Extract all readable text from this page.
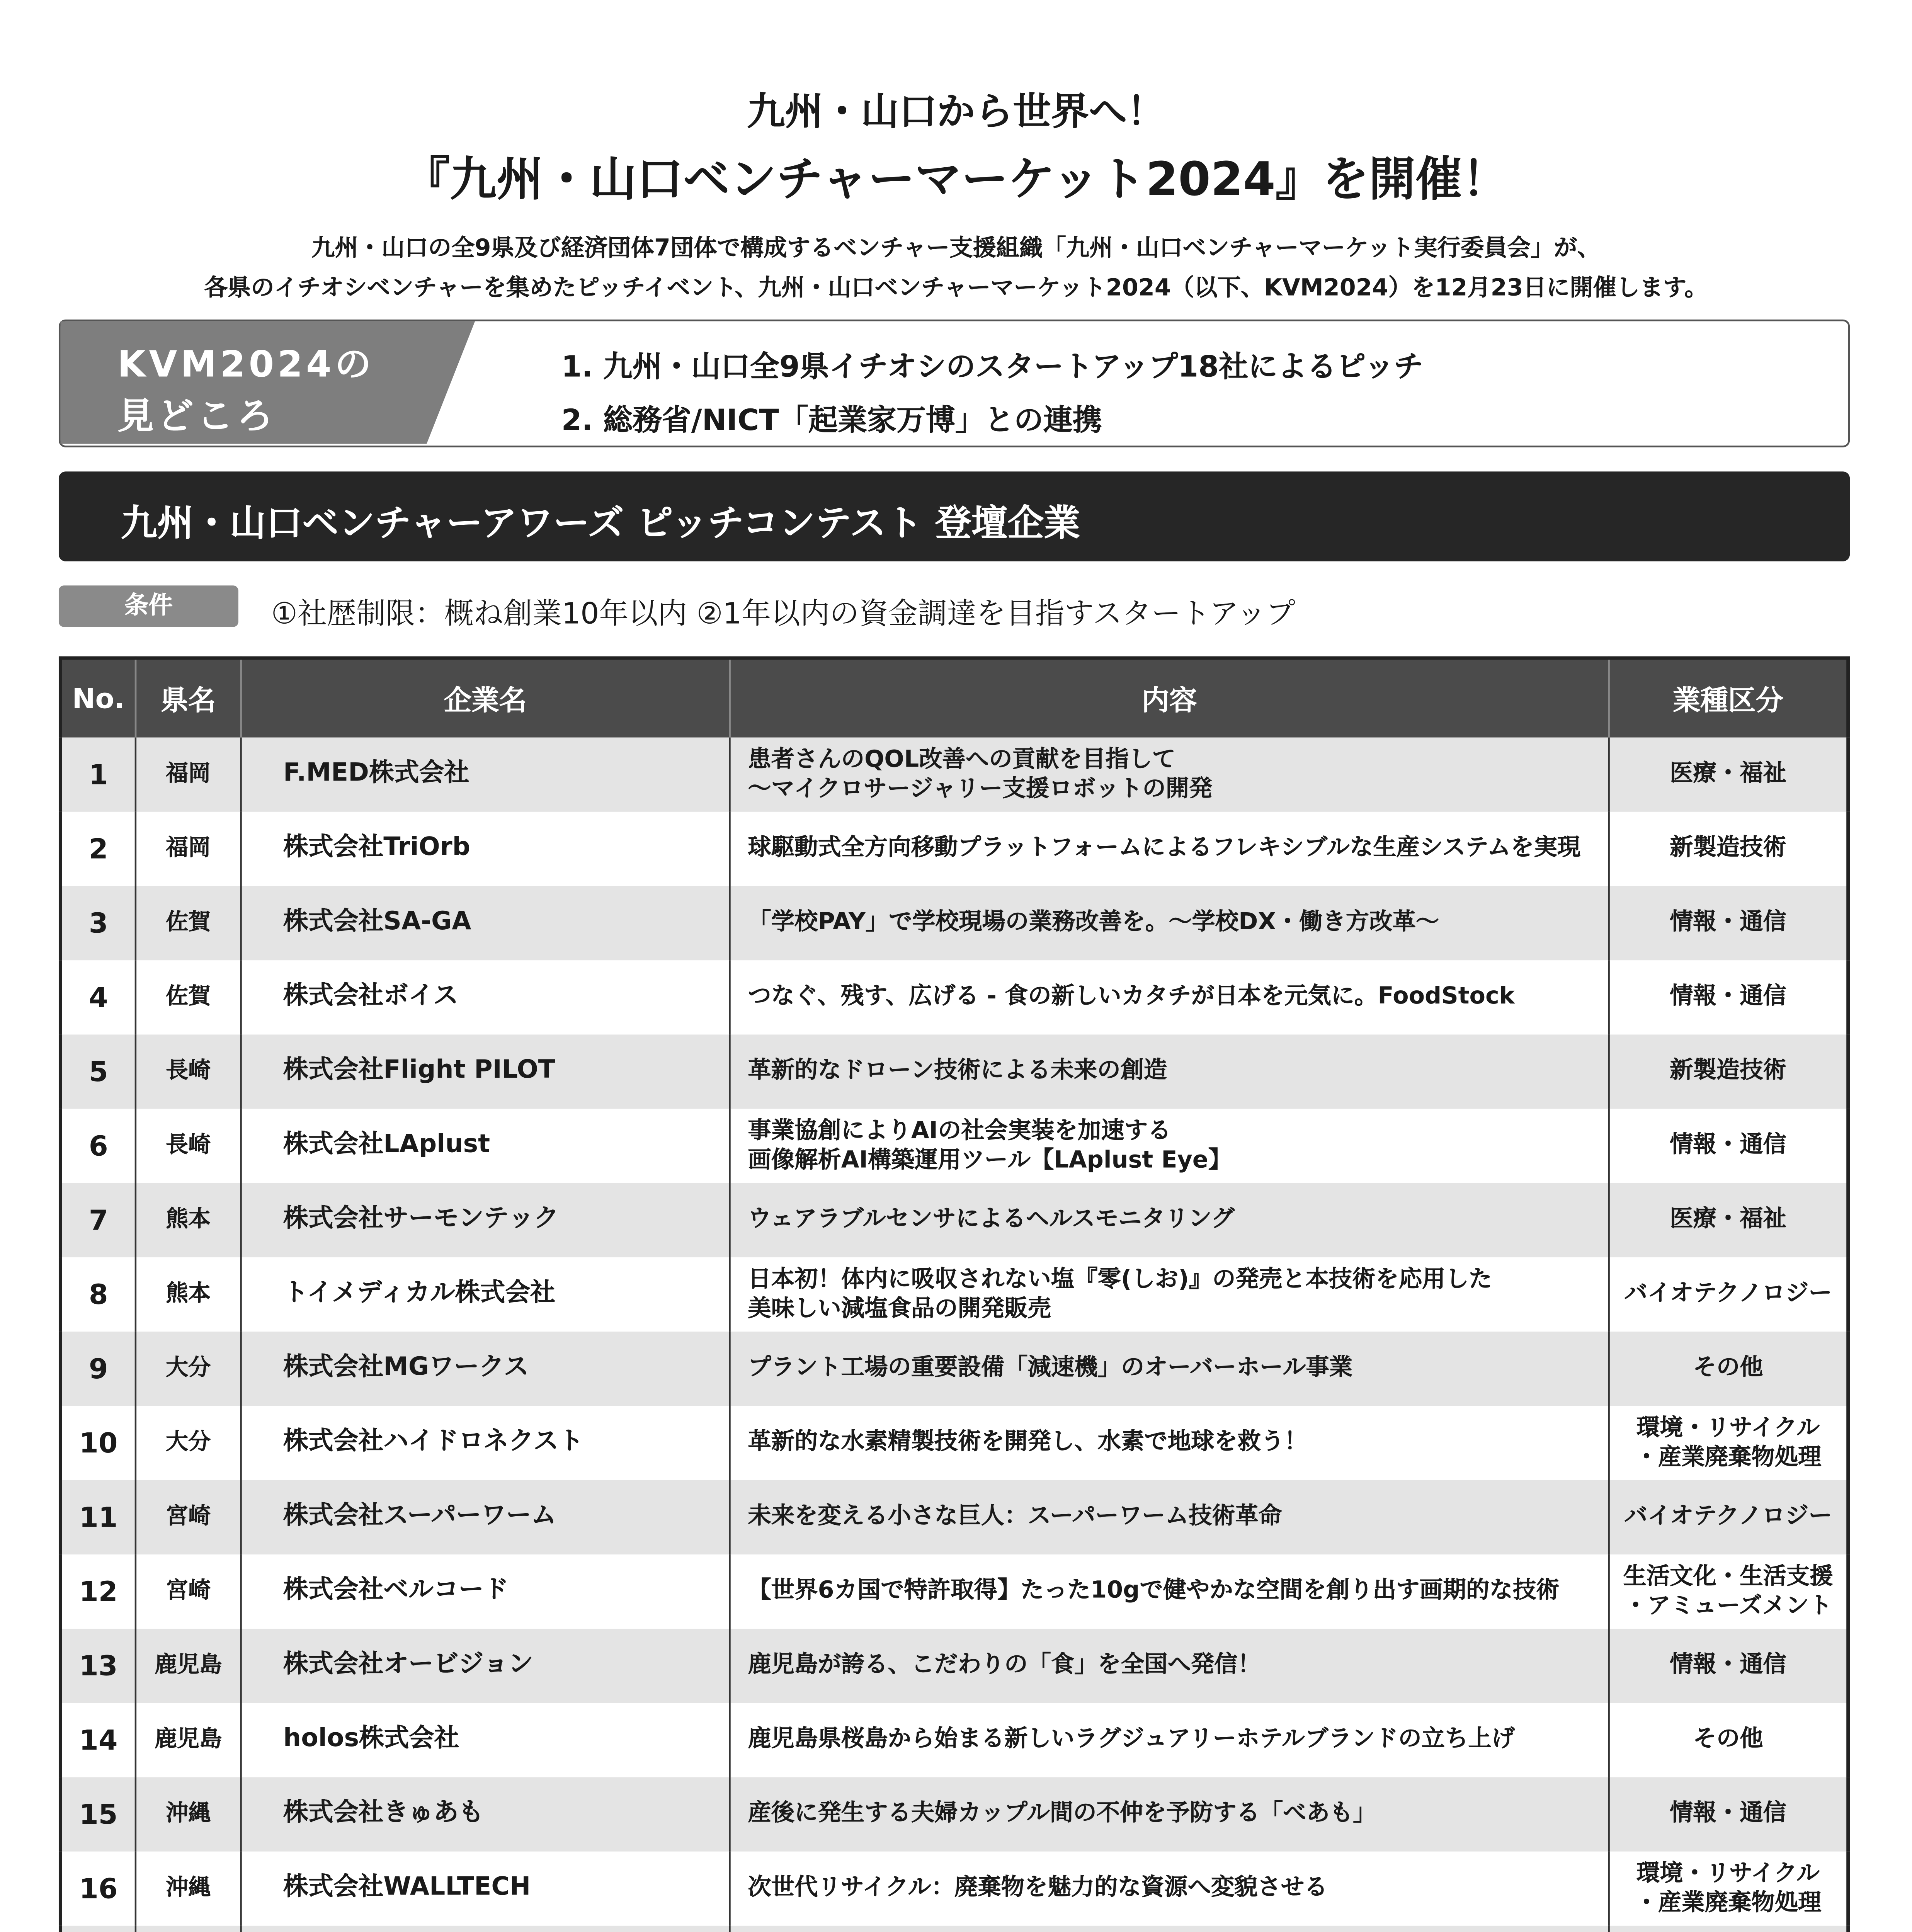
九州・山口から世界へ！
『九州・山口ベンチャーマーケット2024』を開催！
九州・山口の全9県及び経済団体7団体で構成するベンチャー支援組織「九州・山口ベンチャーマーケット実行委員会」が、
各県のイチオシベンチャーを集めたピッチイベント、九州・山口ベンチャーマーケット2024（以下、KVM2024）を12月23日に開催します。
KVM2024の
見どころ
1. 九州・山口全9県イチオシのスタートアップ18社によるピッチ
2. 総務省/NICT「起業家万博」との連携
九州・山口ベンチャーアワーズ ピッチコンテスト 登壇企業
条件	①社歴制限：概ね創業10年以内 ②1年以内の資金調達を目指すスタートアップ
No.	県名	企業名	内容	業種区分

1	福岡	F.MED株式会社	患者さんのQOL改善への貢献を目指して
～マイクロサージャリー支援ロボットの開発	医療・福祉

2	福岡	株式会社TriOrb	球駆動式全方向移動プラットフォームによるフレキシブルな生産システムを実現	新製造技術

3	佐賀	株式会社SA-GA	「学校PAY」で学校現場の業務改善を。～学校DX・働き方改革～	情報・通信

4	佐賀	株式会社ボイス	つなぐ、残す、広げる - 食の新しいカタチが日本を元気に。FoodStock	情報・通信

5	長崎	株式会社Flight PILOT	革新的なドローン技術による未来の創造	新製造技術

6	長崎	株式会社LAplust	事業協創によりAIの社会実装を加速する
画像解析AI構築運用ツール【LAplust Eye】	情報・通信

7	熊本	株式会社サーモンテック	ウェアラブルセンサによるヘルスモニタリング	医療・福祉

8	熊本	トイメディカル株式会社	日本初！体内に吸収されない塩『零(しお)』の発売と本技術を応用した
美味しい減塩食品の開発販売	バイオテクノロジー

9	大分	株式会社MGワークス	プラント工場の重要設備「減速機」のオーバーホール事業	その他

10	大分	株式会社ハイドロネクスト	革新的な水素精製技術を開発し、水素で地球を救う！	環境・リサイクル
・産業廃棄物処理

11	宮崎	株式会社スーパーワーム	未来を変える小さな巨人：スーパーワーム技術革命	バイオテクノロジー

12	宮崎	株式会社ベルコード	【世界6カ国で特許取得】たった10gで健やかな空間を創り出す画期的な技術	生活文化・生活支援
・アミューズメント

13	鹿児島	株式会社オービジョン	鹿児島が誇る、こだわりの「食」を全国へ発信！	情報・通信

14	鹿児島	holos株式会社	鹿児島県桜島から始まる新しいラグジュアリーホテルブランドの立ち上げ	その他

15	沖縄	株式会社きゅあも	産後に発生する夫婦カップル間の不仲を予防する「べあも」	情報・通信

16	沖縄	株式会社WALLTECH	次世代リサイクル：廃棄物を魅力的な資源へ変貌させる	環境・リサイクル
・産業廃棄物処理
